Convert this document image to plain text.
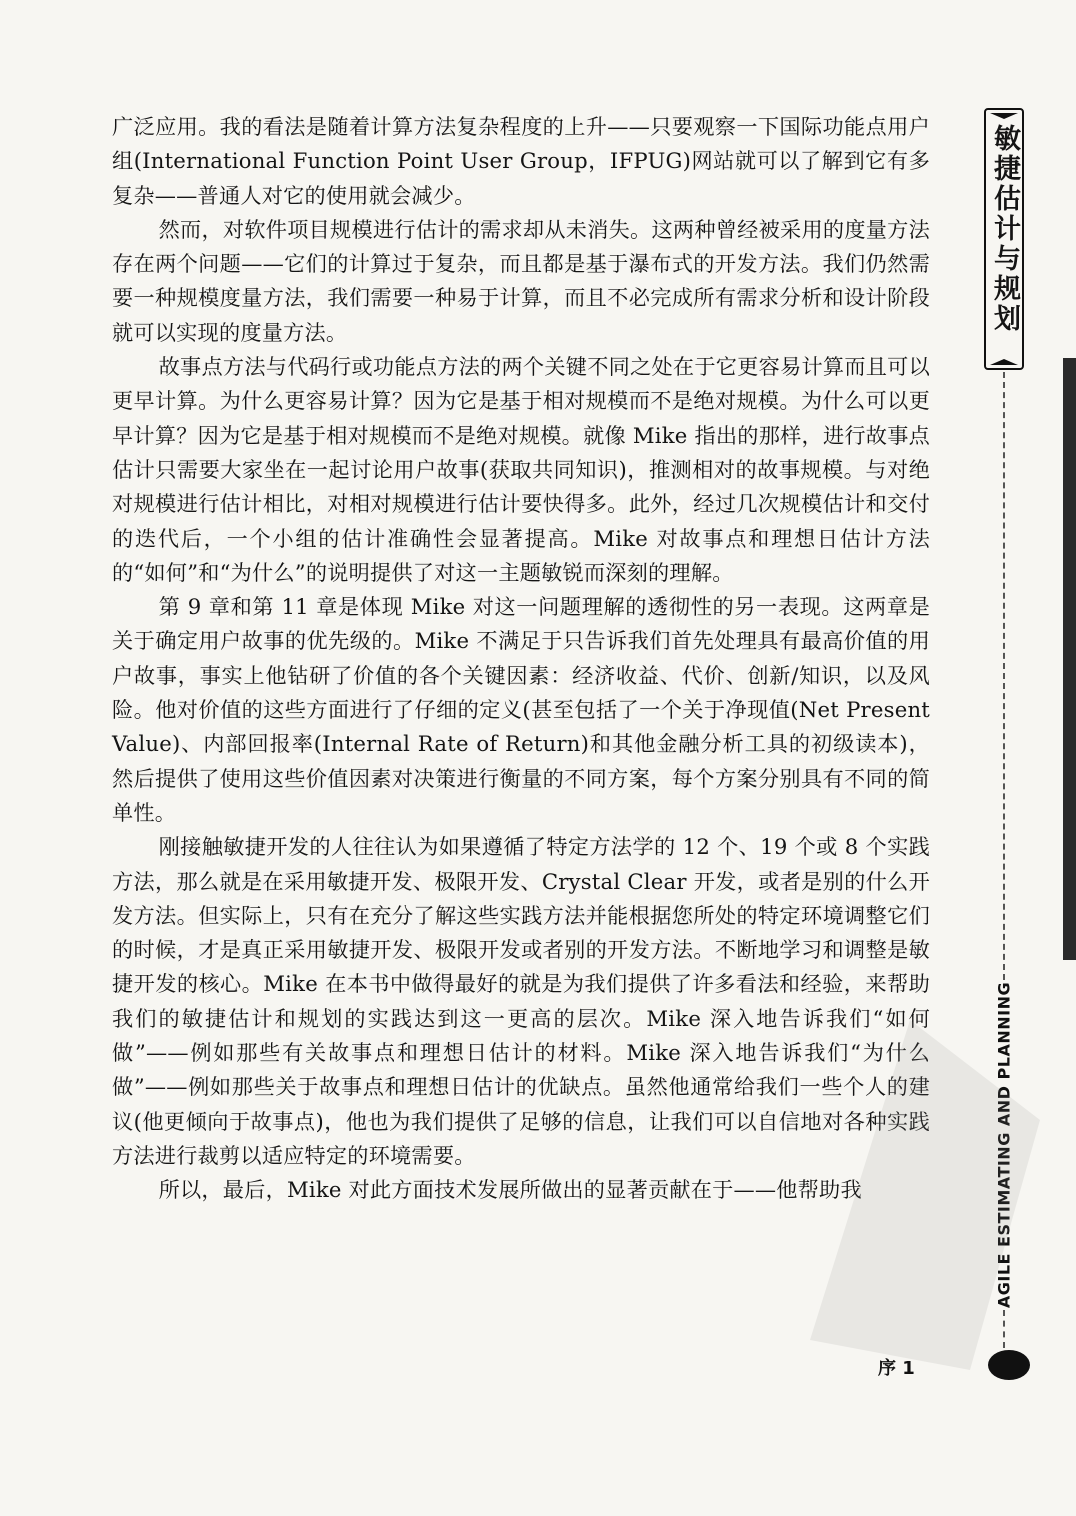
广泛应用。我的看法是随着计算方法复杂程度的上升——只要观察一下国际功能点用户组(International Function Point User Group，IFPUG)网站就可以了解到它有多复杂——普通人对它的使用就会减少。

然而，对软件项目规模进行估计的需求却从未消失。这两种曾经被采用的度量方法存在两个问题——它们的计算过于复杂，而且都是基于瀑布式的开发方法。我们仍然需要一种规模度量方法，我们需要一种易于计算，而且不必完成所有需求分析和设计阶段就可以实现的度量方法。

故事点方法与代码行或功能点方法的两个关键不同之处在于它更容易计算而且可以更早计算。为什么更容易计算？因为它是基于相对规模而不是绝对规模。为什么可以更早计算？因为它是基于相对规模而不是绝对规模。就像 Mike 指出的那样，进行故事点估计只需要大家坐在一起讨论用户故事(获取共同知识)，推测相对的故事规模。与对绝对规模进行估计相比，对相对规模进行估计要快得多。此外，经过几次规模估计和交付的迭代后，一个小组的估计准确性会显著提高。Mike 对故事点和理想日估计方法的“如何”和“为什么”的说明提供了对这一主题敏锐而深刻的理解。

第 9 章和第 11 章是体现 Mike 对这一问题理解的透彻性的另一表现。这两章是关于确定用户故事的优先级的。Mike 不满足于只告诉我们首先处理具有最高价值的用户故事，事实上他钻研了价值的各个关键因素：经济收益、代价、创新/知识，以及风险。他对价值的这些方面进行了仔细的定义(甚至包括了一个关于净现值(Net Present Value)、内部回报率(Internal Rate of Return)和其他金融分析工具的初级读本)，然后提供了使用这些价值因素对决策进行衡量的不同方案，每个方案分别具有不同的简单性。

刚接触敏捷开发的人往往认为如果遵循了特定方法学的 12 个、19 个或 8 个实践方法，那么就是在采用敏捷开发、极限开发、Crystal Clear 开发，或者是别的什么开发方法。但实际上，只有在充分了解这些实践方法并能根据您所处的特定环境调整它们的时候，才是真正采用敏捷开发、极限开发或者别的开发方法。不断地学习和调整是敏捷开发的核心。Mike 在本书中做得最好的就是为我们提供了许多看法和经验，来帮助我们的敏捷估计和规划的实践达到这一更高的层次。Mike 深入地告诉我们“如何做”——例如那些有关故事点和理想日估计的材料。Mike 深入地告诉我们“为什么做”——例如那些关于故事点和理想日估计的优缺点。虽然他通常给我们一些个人的建议(他更倾向于故事点)，他也为我们提供了足够的信息，让我们可以自信地对各种实践方法进行裁剪以适应特定的环境需要。

所以，最后，Mike 对此方面技术发展所做出的显著贡献在于——他帮助我

敏捷估计与规划
AGILE ESTIMATING AND PLANNING
序 1
